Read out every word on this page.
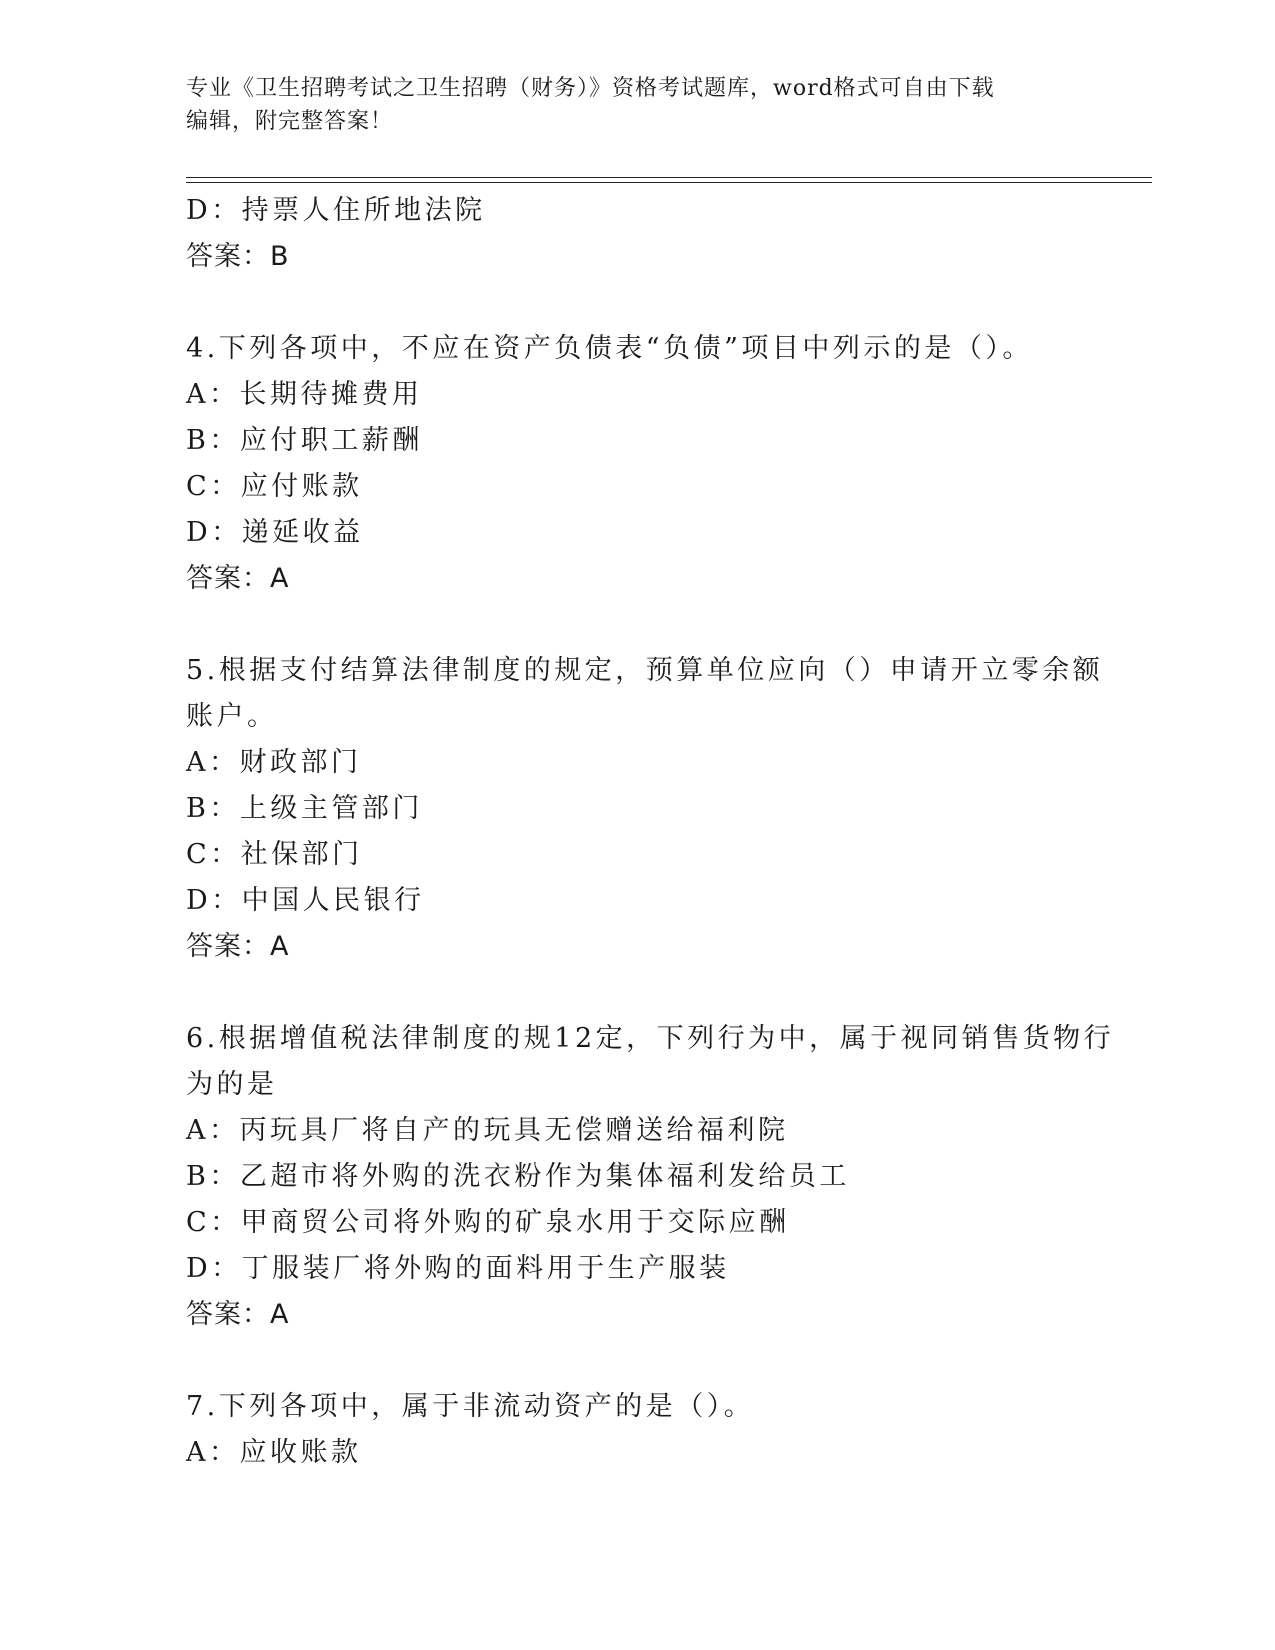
专业《卫生招聘考试之卫生招聘（财务）》资格考试题库，word格式可自由下载
编辑，附完整答案！
D：持票人住所地法院
答案：B
4.下列各项中，不应在资产负债表“负债”项目中列示的是（）。
A：长期待摊费用
B：应付职工薪酬
C：应付账款
D：递延收益
答案：A
5.根据支付结算法律制度的规定，预算单位应向（）申请开立零余额
账户。
A：财政部门
B：上级主管部门
C：社保部门
D：中国人民银行
答案：A
6.根据增值税法律制度的规12定，下列行为中，属于视同销售货物行
为的是
A：丙玩具厂将自产的玩具无偿赠送给福利院
B：乙超市将外购的洗衣粉作为集体福利发给员工
C：甲商贸公司将外购的矿泉水用于交际应酬
D：丁服装厂将外购的面料用于生产服装
答案：A
7.下列各项中，属于非流动资产的是（）。
A：应收账款
